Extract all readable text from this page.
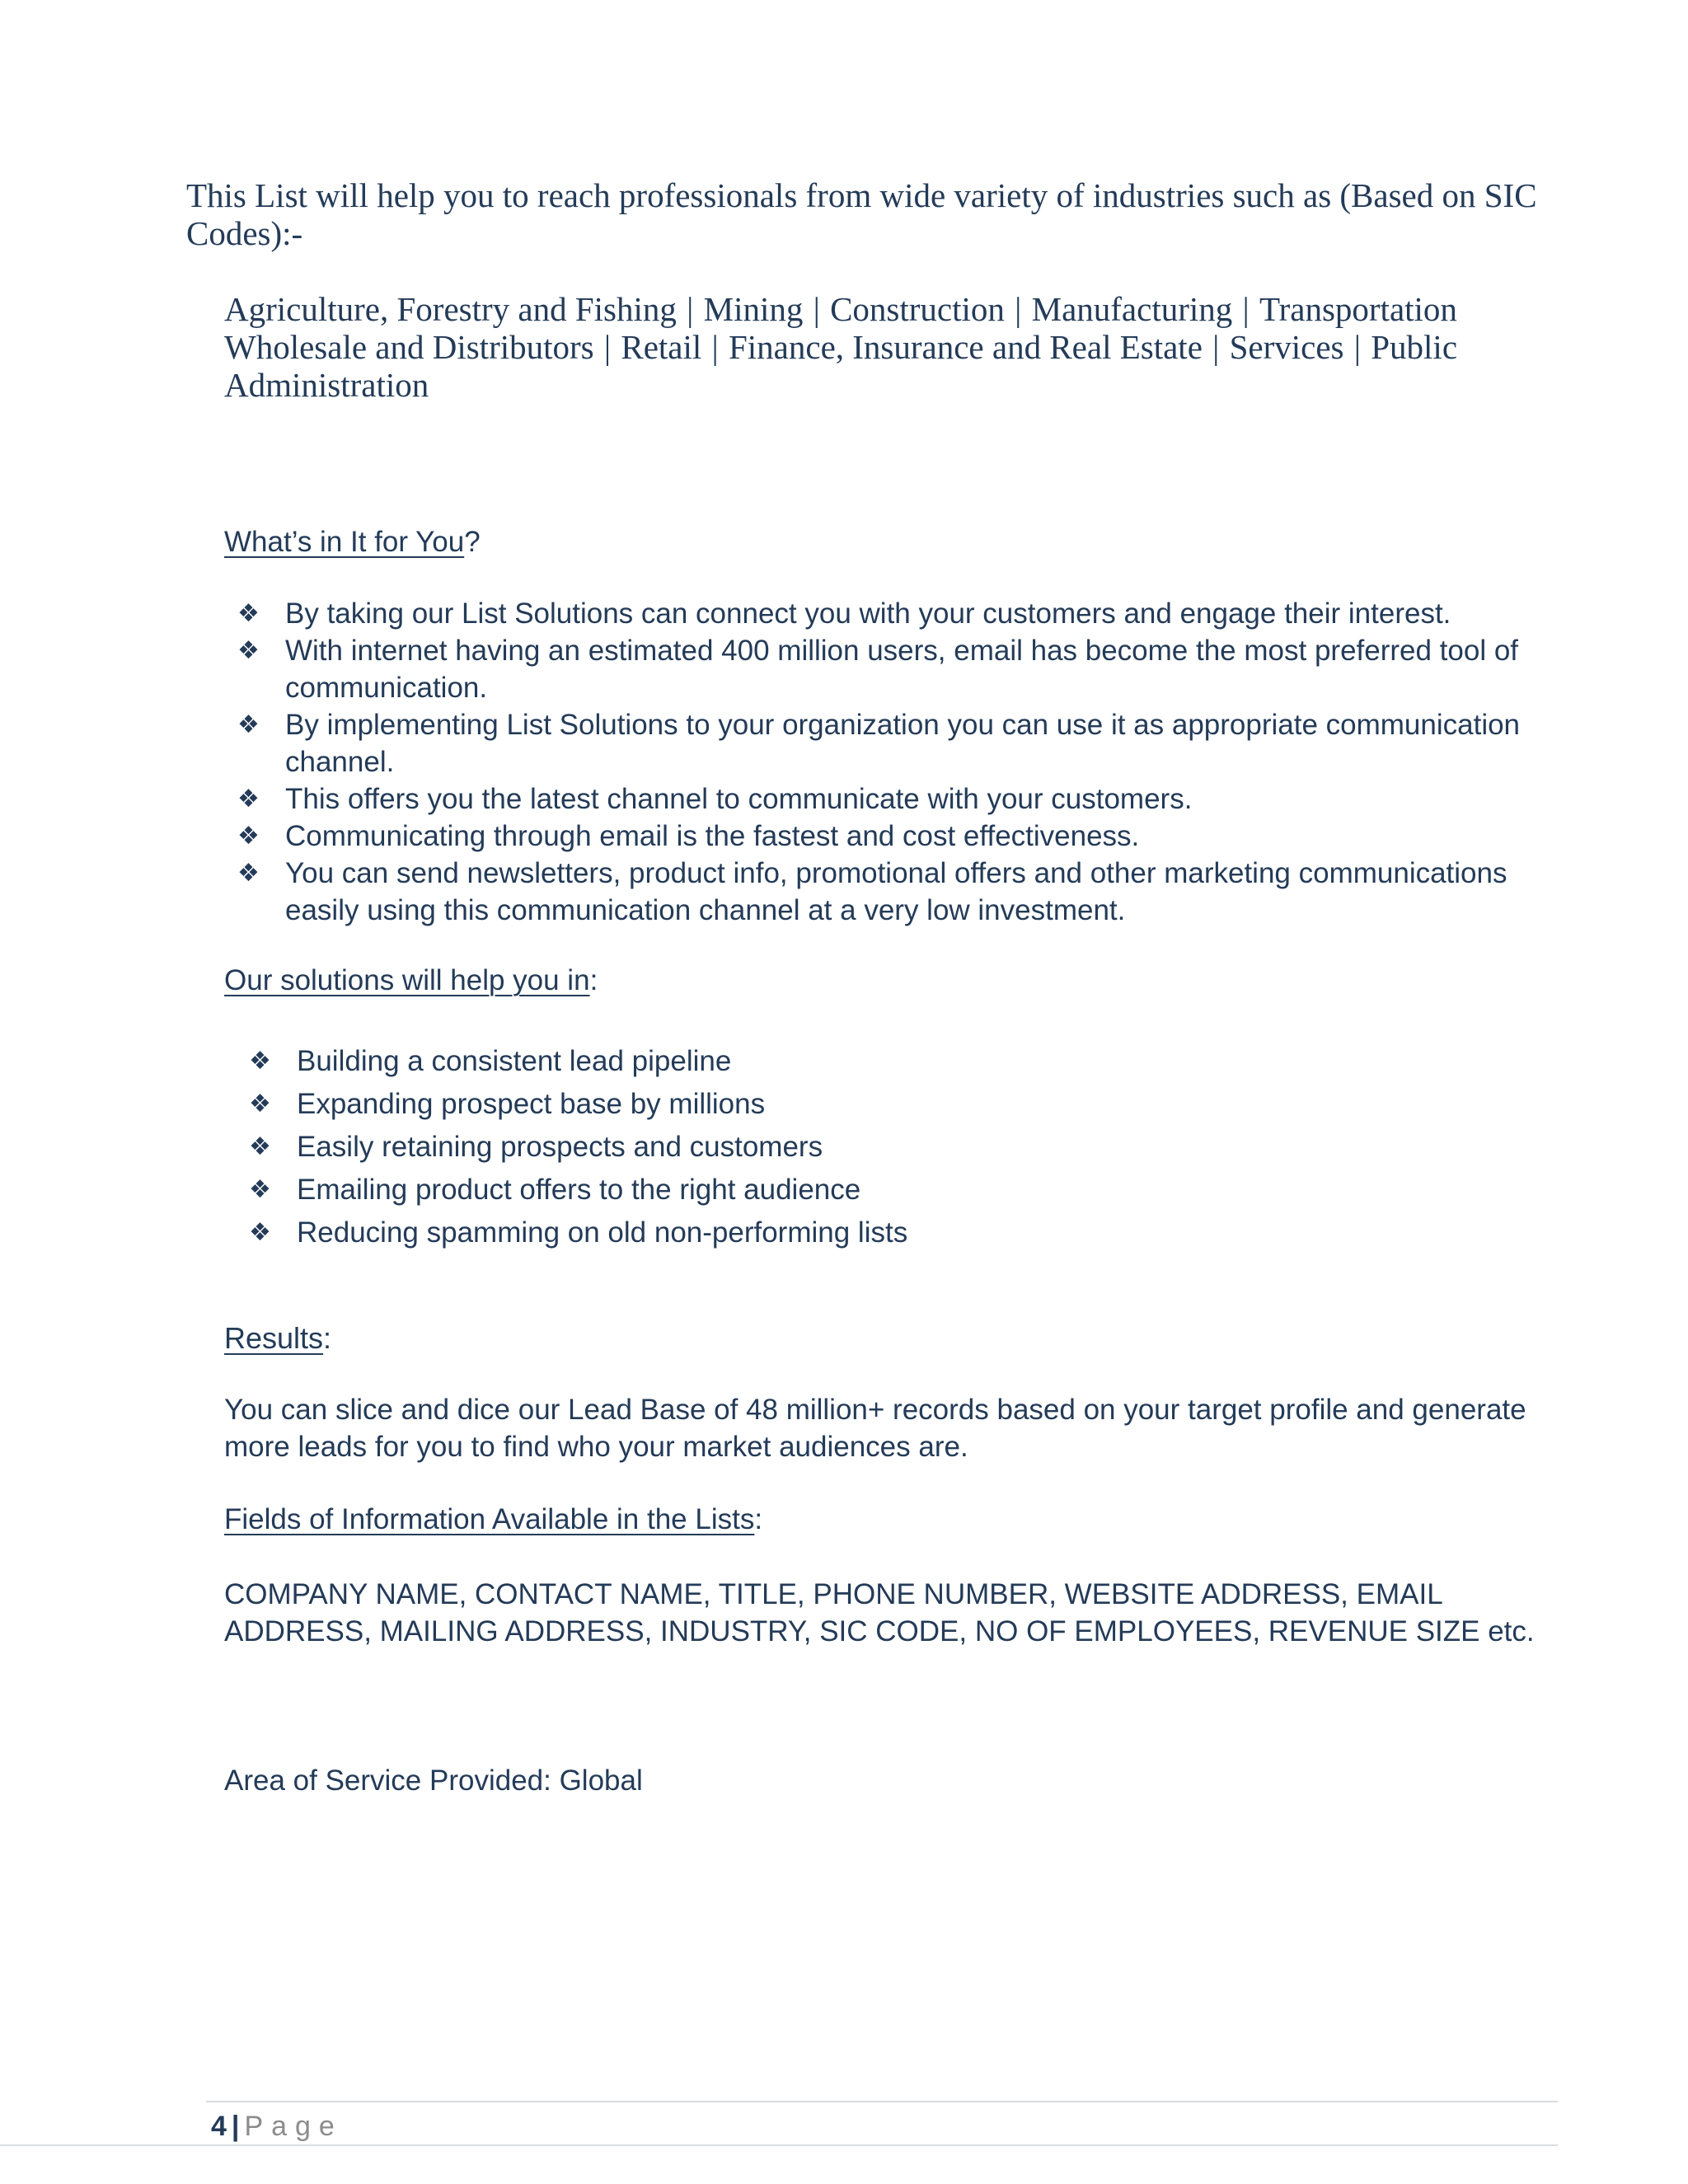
This List will help you to reach professionals from wide variety of industries such as (Based on SIC Codes):-

Agriculture, Forestry and Fishing | Mining | Construction | Manufacturing | Transportation Wholesale and Distributors | Retail | Finance, Insurance and Real Estate | Services | Public Administration

What’s in It for You?

❖ By taking our List Solutions can connect you with your customers and engage their interest.
❖ With internet having an estimated 400 million users, email has become the most preferred tool of communication.
❖ By implementing List Solutions to your organization you can use it as appropriate communication channel.
❖ This offers you the latest channel to communicate with your customers.
❖ Communicating through email is the fastest and cost effectiveness.
❖ You can send newsletters, product info, promotional offers and other marketing communications easily using this communication channel at a very low investment.

Our solutions will help you in:

❖ Building a consistent lead pipeline
❖ Expanding prospect base by millions
❖ Easily retaining prospects and customers
❖ Emailing product offers to the right audience
❖ Reducing spamming on old non-performing lists

Results:

You can slice and dice our Lead Base of 48 million+ records based on your target profile and generate more leads for you to find who your market audiences are.

Fields of Information Available in the Lists:

COMPANY NAME, CONTACT NAME, TITLE, PHONE NUMBER, WEBSITE ADDRESS, EMAIL ADDRESS, MAILING ADDRESS, INDUSTRY, SIC CODE, NO OF EMPLOYEES, REVENUE SIZE etc.

Area of Service Provided: Global

4 | Page
